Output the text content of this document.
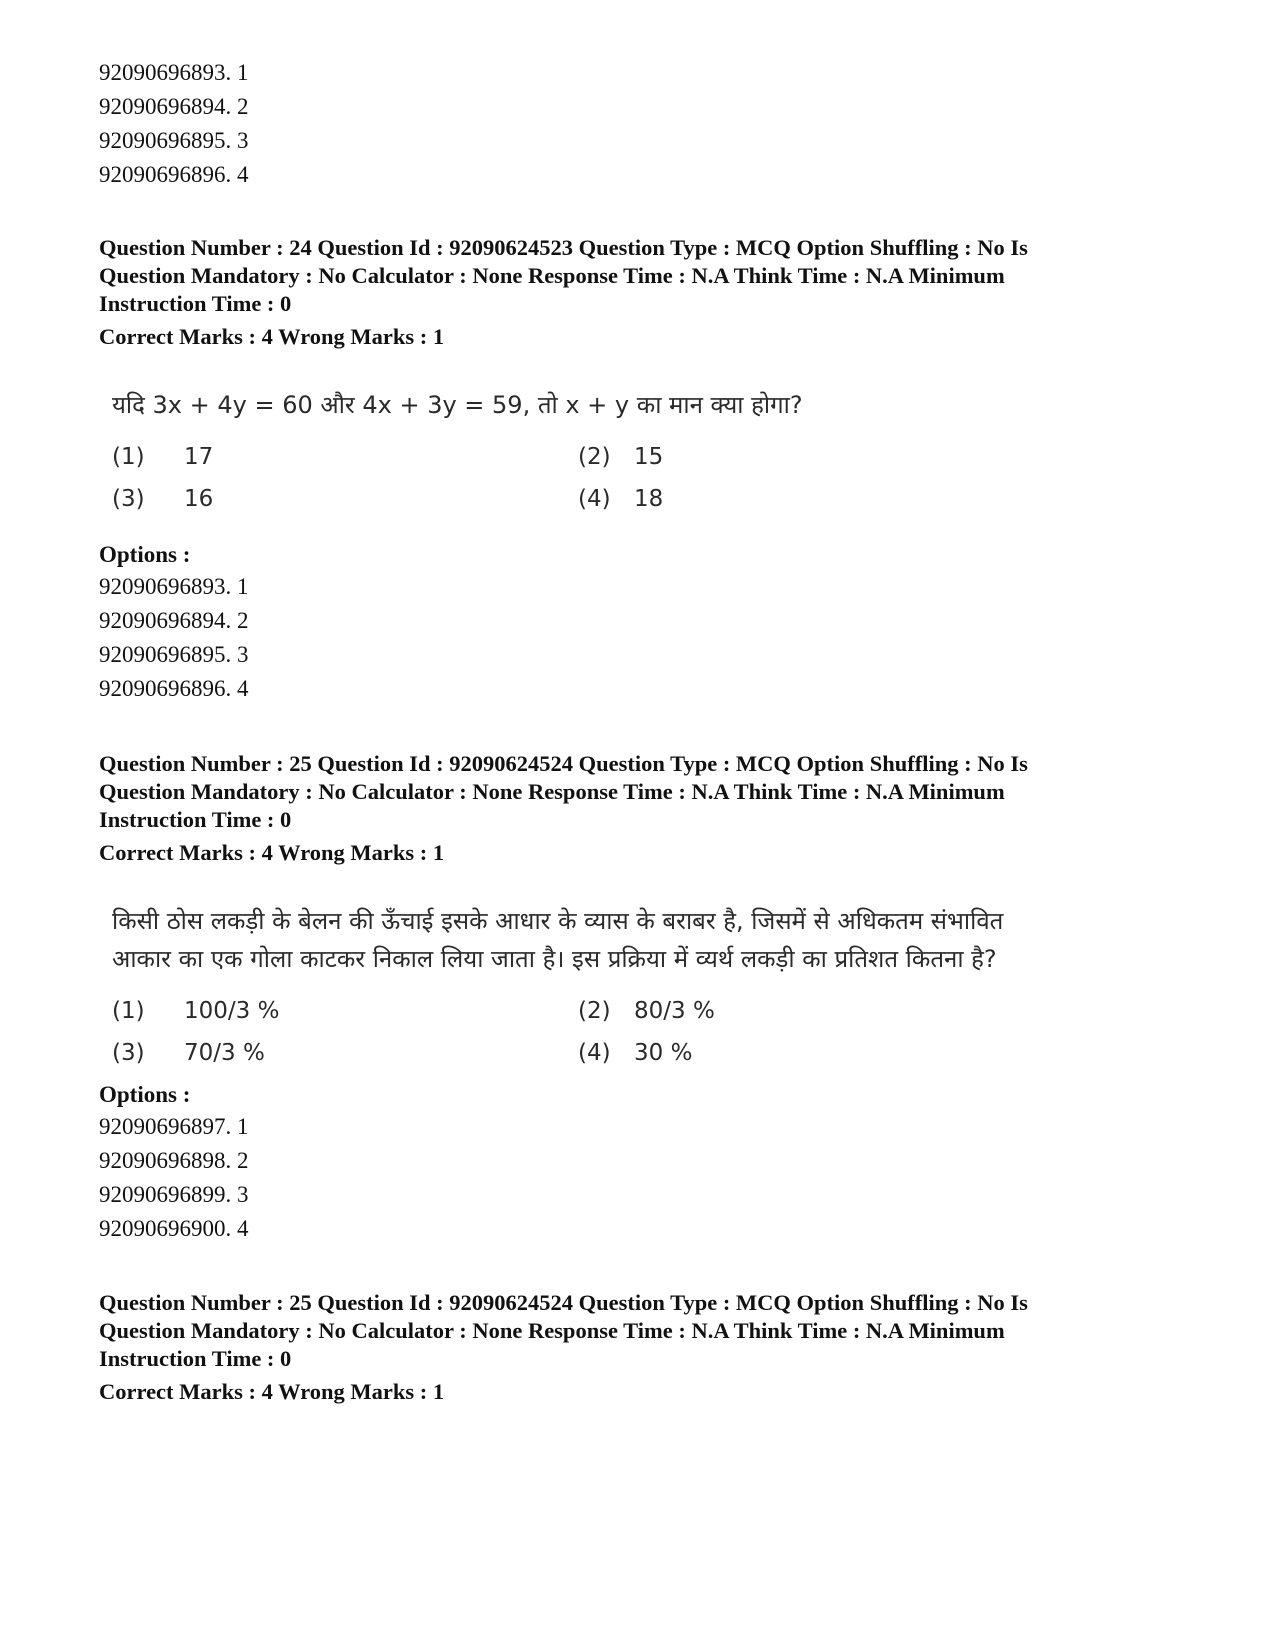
92090696893. 1
92090696894. 2
92090696895. 3
92090696896. 4
Question Number : 24 Question Id : 92090624523 Question Type : MCQ Option Shuffling : No Is
Question Mandatory : No Calculator : None Response Time : N.A Think Time : N.A Minimum
Instruction Time : 0
Correct Marks : 4 Wrong Marks : 1
यदि 3x + 4y = 60 और 4x + 3y = 59, तो x + y का मान क्या होगा?
(1) 17	(2) 15
(3) 16	(4) 18
Options :
92090696893. 1
92090696894. 2
92090696895. 3
92090696896. 4
Question Number : 25 Question Id : 92090624524 Question Type : MCQ Option Shuffling : No Is
Question Mandatory : No Calculator : None Response Time : N.A Think Time : N.A Minimum
Instruction Time : 0
Correct Marks : 4 Wrong Marks : 1
किसी ठोस लकड़ी के बेलन की ऊँचाई इसके आधार के व्यास के बराबर है, जिसमें से अधिकतम संभावित
आकार का एक गोला काटकर निकाल लिया जाता है। इस प्रक्रिया में व्यर्थ लकड़ी का प्रतिशत कितना है?
(1) 100/3 %	(2) 80/3 %
(3) 70/3 %	(4) 30 %
Options :
92090696897. 1
92090696898. 2
92090696899. 3
92090696900. 4
Question Number : 25 Question Id : 92090624524 Question Type : MCQ Option Shuffling : No Is
Question Mandatory : No Calculator : None Response Time : N.A Think Time : N.A Minimum
Instruction Time : 0
Correct Marks : 4 Wrong Marks : 1
